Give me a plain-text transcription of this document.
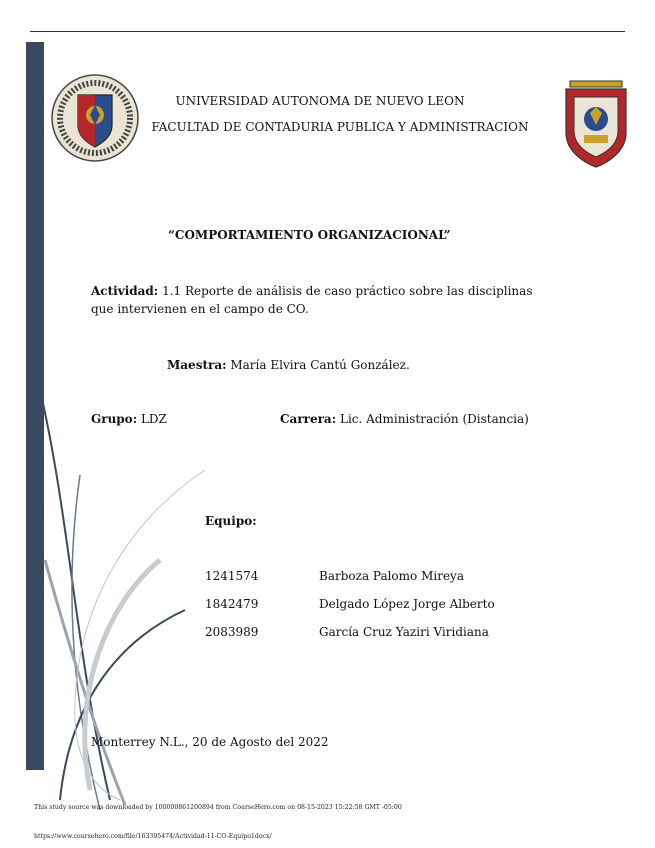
UNIVERSIDAD AUTONOMA DE NUEVO LEON
FACULTAD DE CONTADURIA PUBLICA Y ADMINISTRACION
“COMPORTAMIENTO ORGANIZACIONAL”
Actividad: 1.1 Reporte de análisis de caso práctico sobre las disciplinas
que intervienen en el campo de CO.
Maestra: María Elvira Cantú González.
Grupo: LDZ	Carrera: Lic. Administración (Distancia)
Equipo:
1241574	Barboza Palomo Mireya
1842479	Delgado López Jorge Alberto
2083989	García Cruz Yaziri Viridiana
Monterrey N.L., 20 de Agosto del 2022
This study source was downloaded by 100000861200894 from CourseHero.com on 08-15-2023 15:22:58 GMT -05:00
https://www.coursehero.com/file/163395474/Actividad-11-CO-Equipo1docx/
